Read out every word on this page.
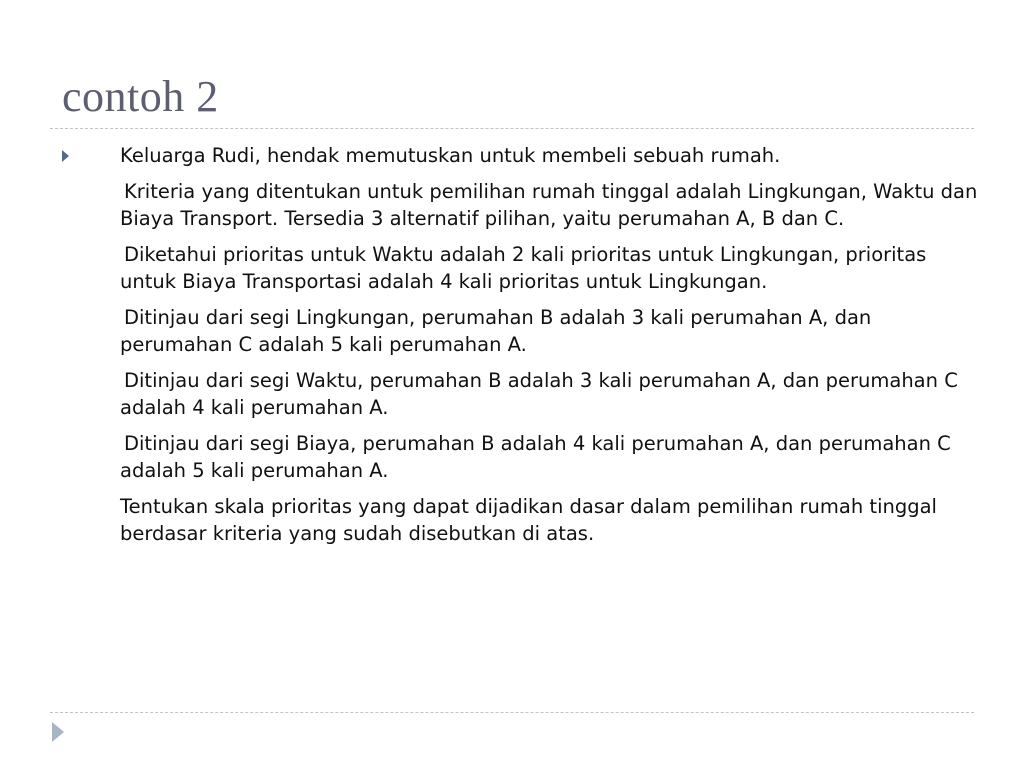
contoh 2

Keluarga Rudi, hendak memutuskan untuk membeli sebuah rumah.

Kriteria yang ditentukan untuk pemilihan rumah tinggal adalah Lingkungan, Waktu dan Biaya Transport. Tersedia 3 alternatif pilihan, yaitu perumahan A, B dan C.

Diketahui prioritas untuk Waktu adalah 2 kali prioritas untuk Lingkungan, prioritas untuk Biaya Transportasi adalah 4 kali prioritas untuk Lingkungan.

Ditinjau dari segi Lingkungan, perumahan B adalah 3 kali perumahan A, dan perumahan C adalah 5 kali perumahan A.

Ditinjau dari segi Waktu, perumahan B adalah 3 kali perumahan A, dan perumahan C adalah 4 kali perumahan A.

Ditinjau dari segi Biaya, perumahan B adalah 4 kali perumahan A, dan perumahan C adalah 5 kali perumahan A.

Tentukan skala prioritas yang dapat dijadikan dasar dalam pemilihan rumah tinggal berdasar kriteria yang sudah disebutkan di atas.
